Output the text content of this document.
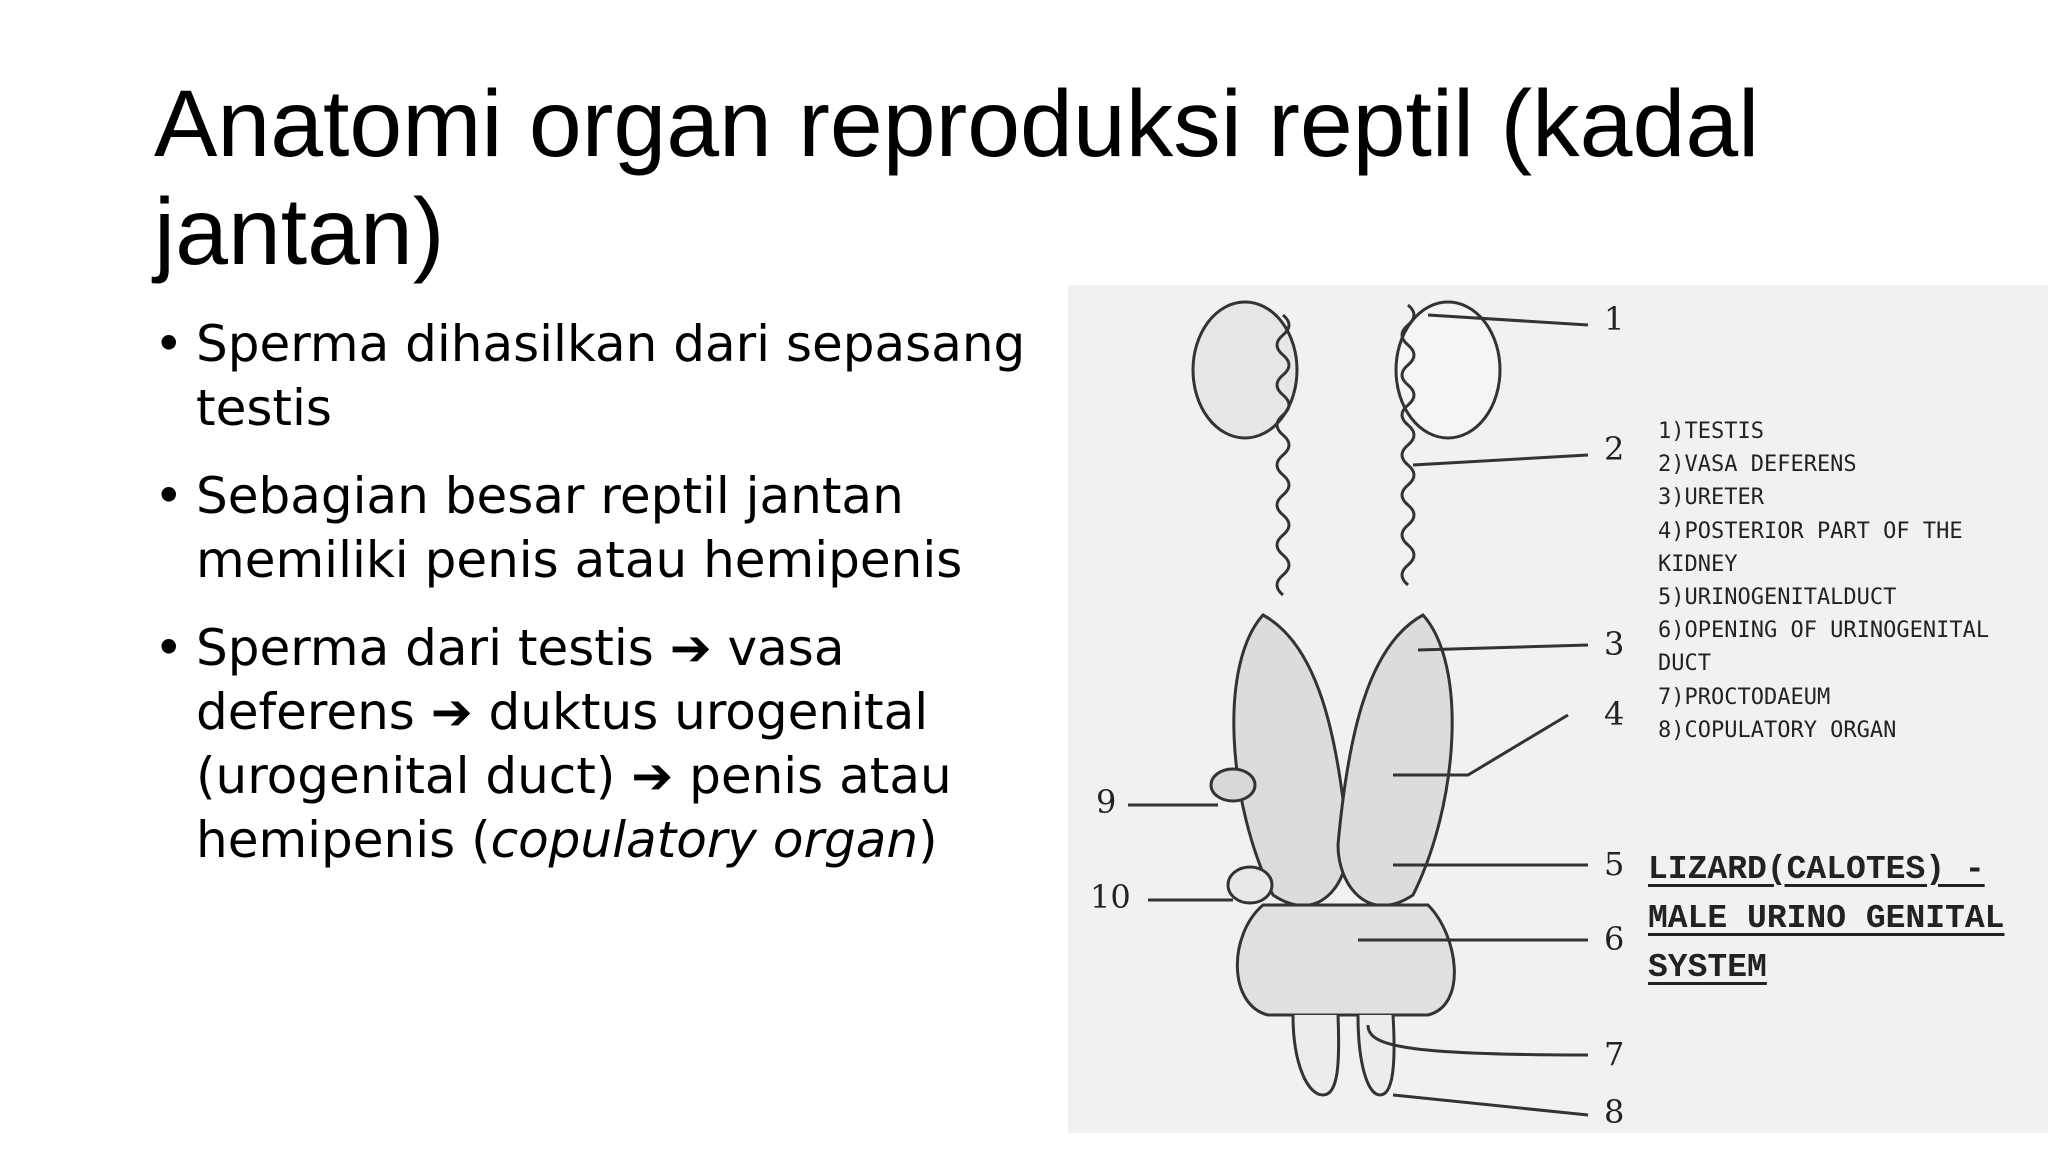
Anatomi organ reproduksi reptil (kadal jantan)
• Sperma dihasilkan dari sepasang testis
• Sebagian besar reptil jantan memiliki penis atau hemipenis
• Sperma dari testis ➔ vasa deferens ➔ duktus urogenital (urogenital duct) ➔ penis atau hemipenis (copulatory organ)
1
2
3
4
5
6
7
8
9
10
1)TESTIS
2)VASA DEFERENS
3)URETER
4)POSTERIOR PART OF THE KIDNEY
5)URINOGENITALDUCT
6)OPENING OF URINOGENITAL DUCT
7)PROCTODAEUM
8)COPULATORY ORGAN
LIZARD(CALOTES) -
MALE URINO GENITAL
SYSTEM
